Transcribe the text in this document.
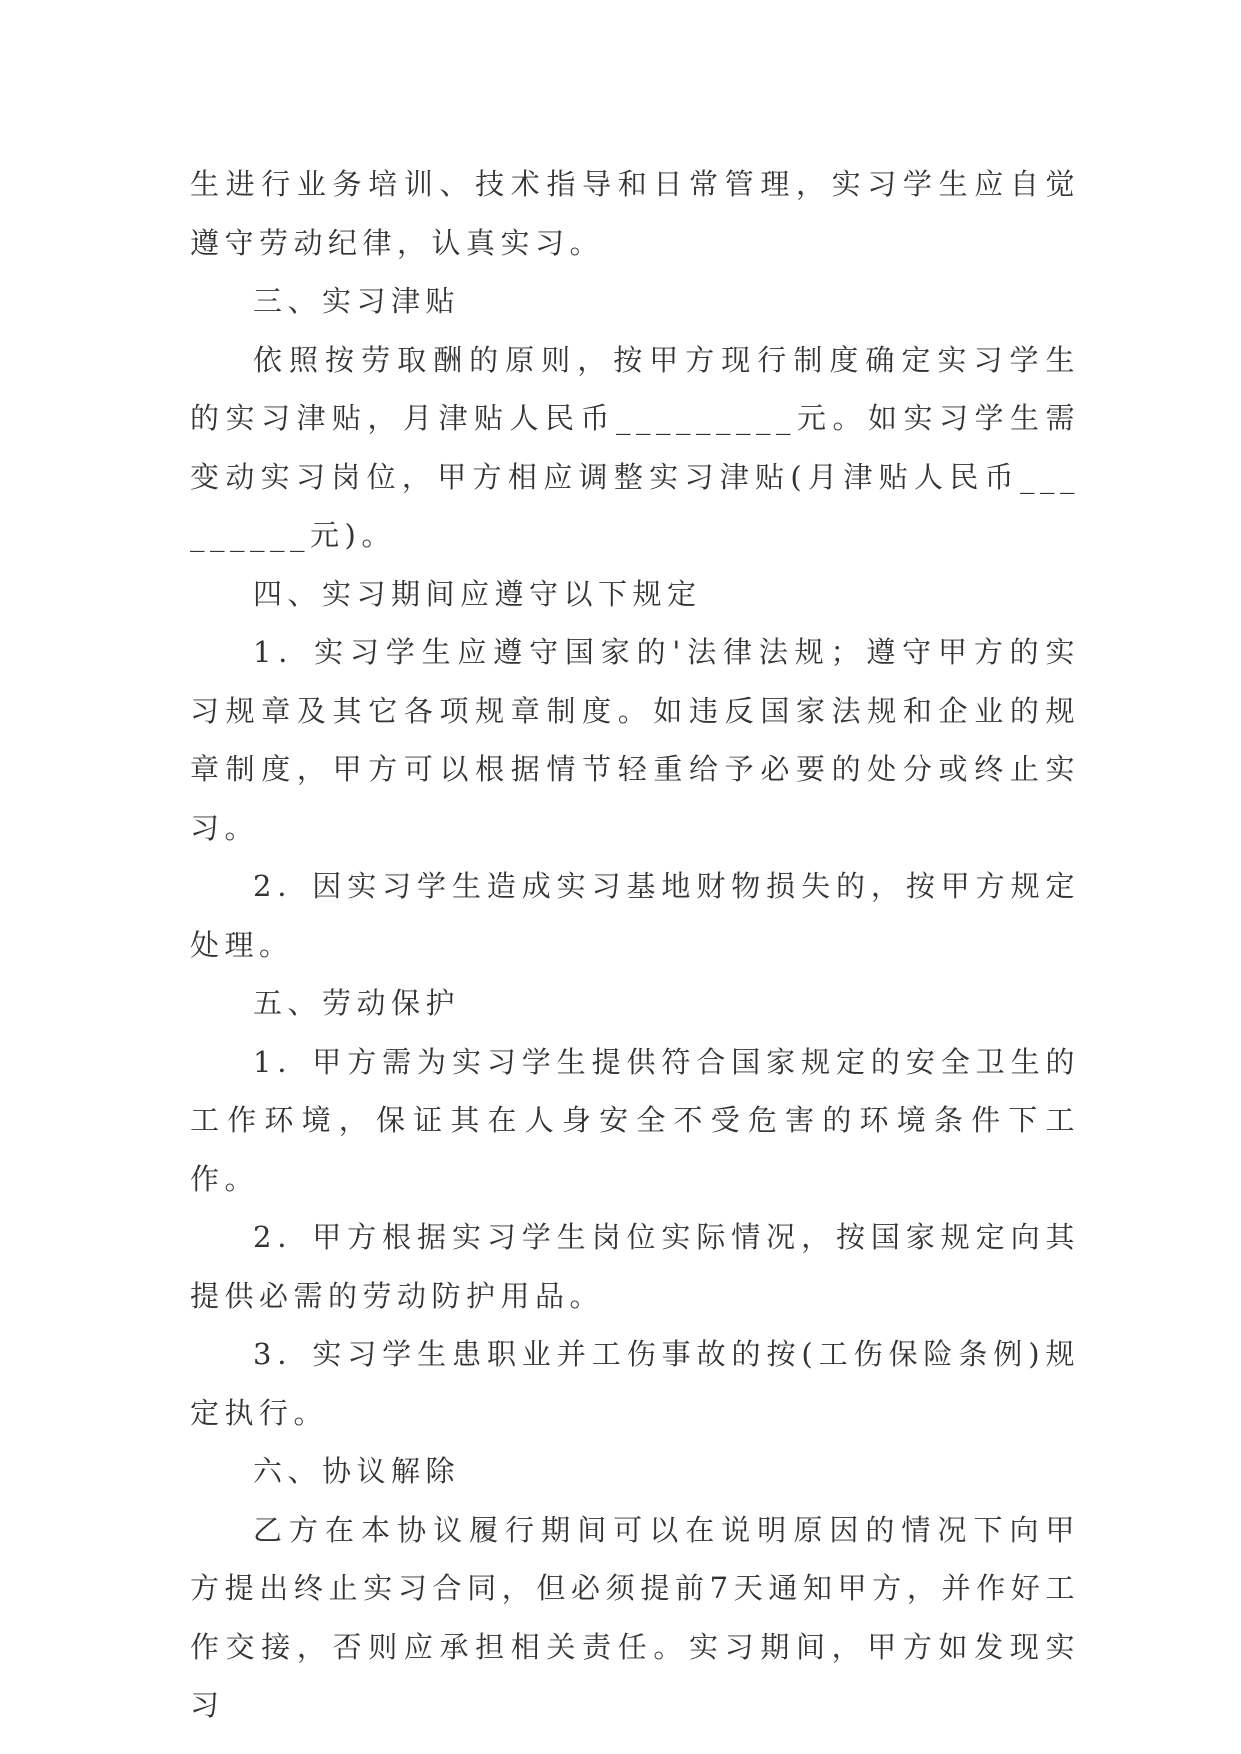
生进行业务培训、技术指导和日常管理，实习学生应自觉遵守劳动纪律，认真实习。

三、实习津贴

依照按劳取酬的原则，按甲方现行制度确定实习学生的实习津贴，月津贴人民币_________元。如实习学生需变动实习岗位，甲方相应调整实习津贴(月津贴人民币_________元)。

四、实习期间应遵守以下规定

1．实习学生应遵守国家的'法律法规；遵守甲方的实习规章及其它各项规章制度。如违反国家法规和企业的规章制度，甲方可以根据情节轻重给予必要的处分或终止实习。

2．因实习学生造成实习基地财物损失的，按甲方规定处理。

五、劳动保护

1．甲方需为实习学生提供符合国家规定的安全卫生的工作环境，保证其在人身安全不受危害的环境条件下工作。

2．甲方根据实习学生岗位实际情况，按国家规定向其提供必需的劳动防护用品。

3．实习学生患职业并工伤事故的按(工伤保险条例)规定执行。

六、协议解除

乙方在本协议履行期间可以在说明原因的情况下向甲方提出终止实习合同，但必须提前7天通知甲方，并作好工作交接，否则应承担相关责任。实习期间，甲方如发现实习
